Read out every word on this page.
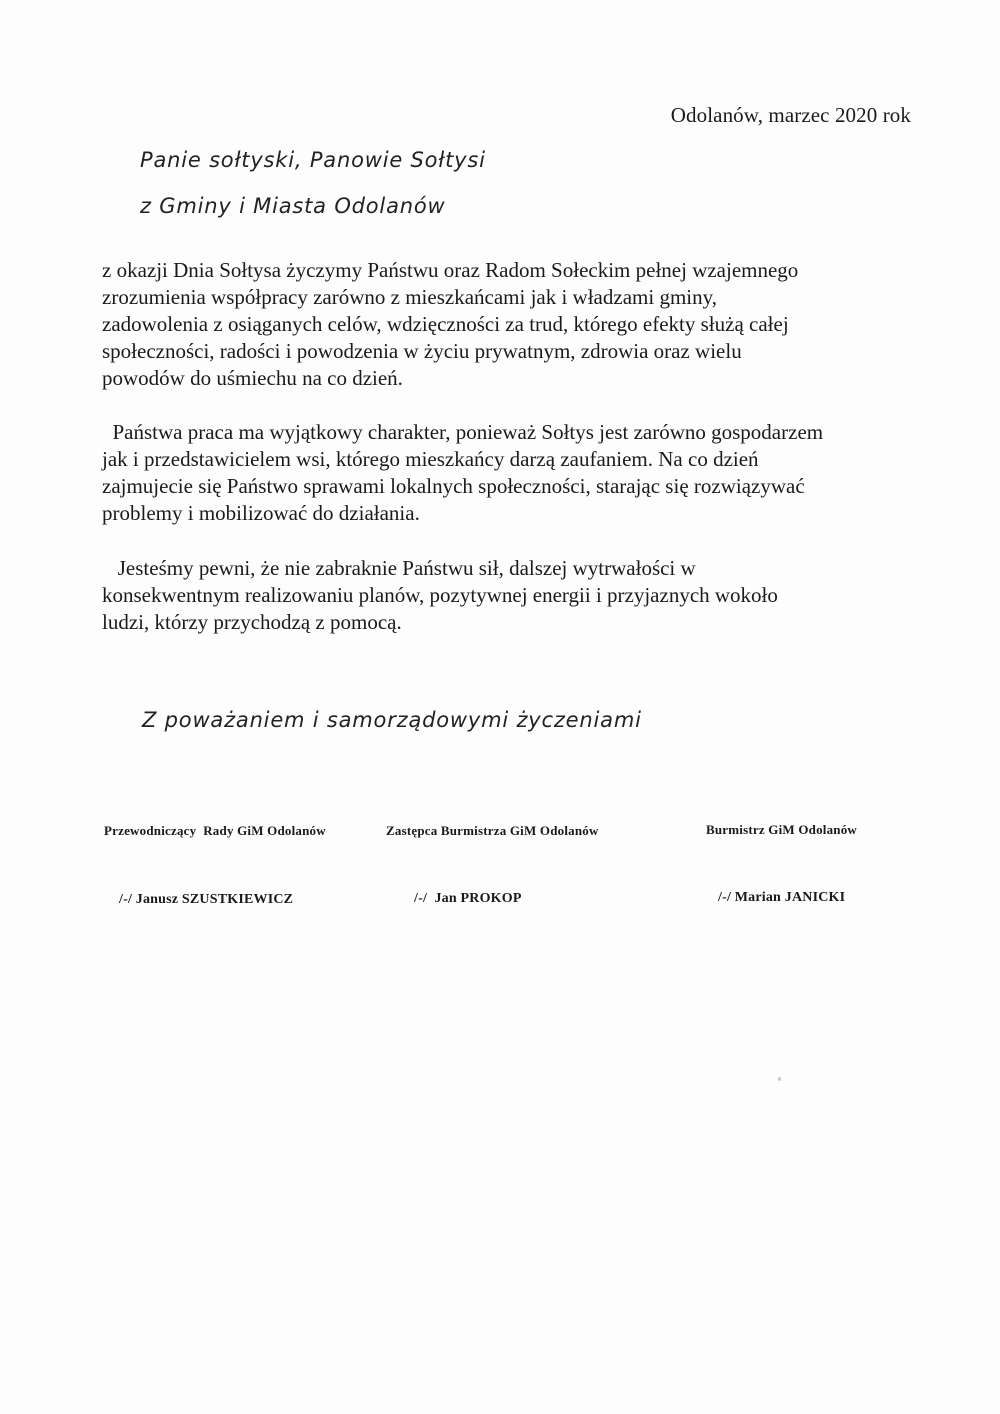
Odolanów, marzec 2020 rok
Panie sołtyski, Panowie Sołtysi
z Gminy i Miasta Odolanów

z okazji Dnia Sołtysa życzymy Państwu oraz Radom Sołeckim pełnej wzajemnego
zrozumienia współpracy zarówno z mieszkańcami jak i władzami gminy,
zadowolenia z osiąganych celów, wdzięczności za trud, którego efekty służą całej
społeczności, radości i powodzenia w życiu prywatnym, zdrowia oraz wielu
powodów do uśmiechu na co dzień.

Państwa praca ma wyjątkowy charakter, ponieważ Sołtys jest zarówno gospodarzem
jak i przedstawicielem wsi, którego mieszkańcy darzą zaufaniem. Na co dzień
zajmujecie się Państwo sprawami lokalnych społeczności, starając się rozwiązywać
problemy i mobilizować do działania.

Jesteśmy pewni, że nie zabraknie Państwu sił, dalszej wytrwałości w
konsekwentnym realizowaniu planów, pozytywnej energii i przyjaznych wokoło
ludzi, którzy przychodzą z pomocą.

Z poważaniem i samorządowymi życzeniami
Przewodniczący  Rady GiM Odolanów	Zastępca Burmistrza GiM Odolanów	Burmistrz GiM Odolanów
/-/ Janusz SZUSTKIEWICZ	/-/  Jan PROKOP	/-/ Marian JANICKI
